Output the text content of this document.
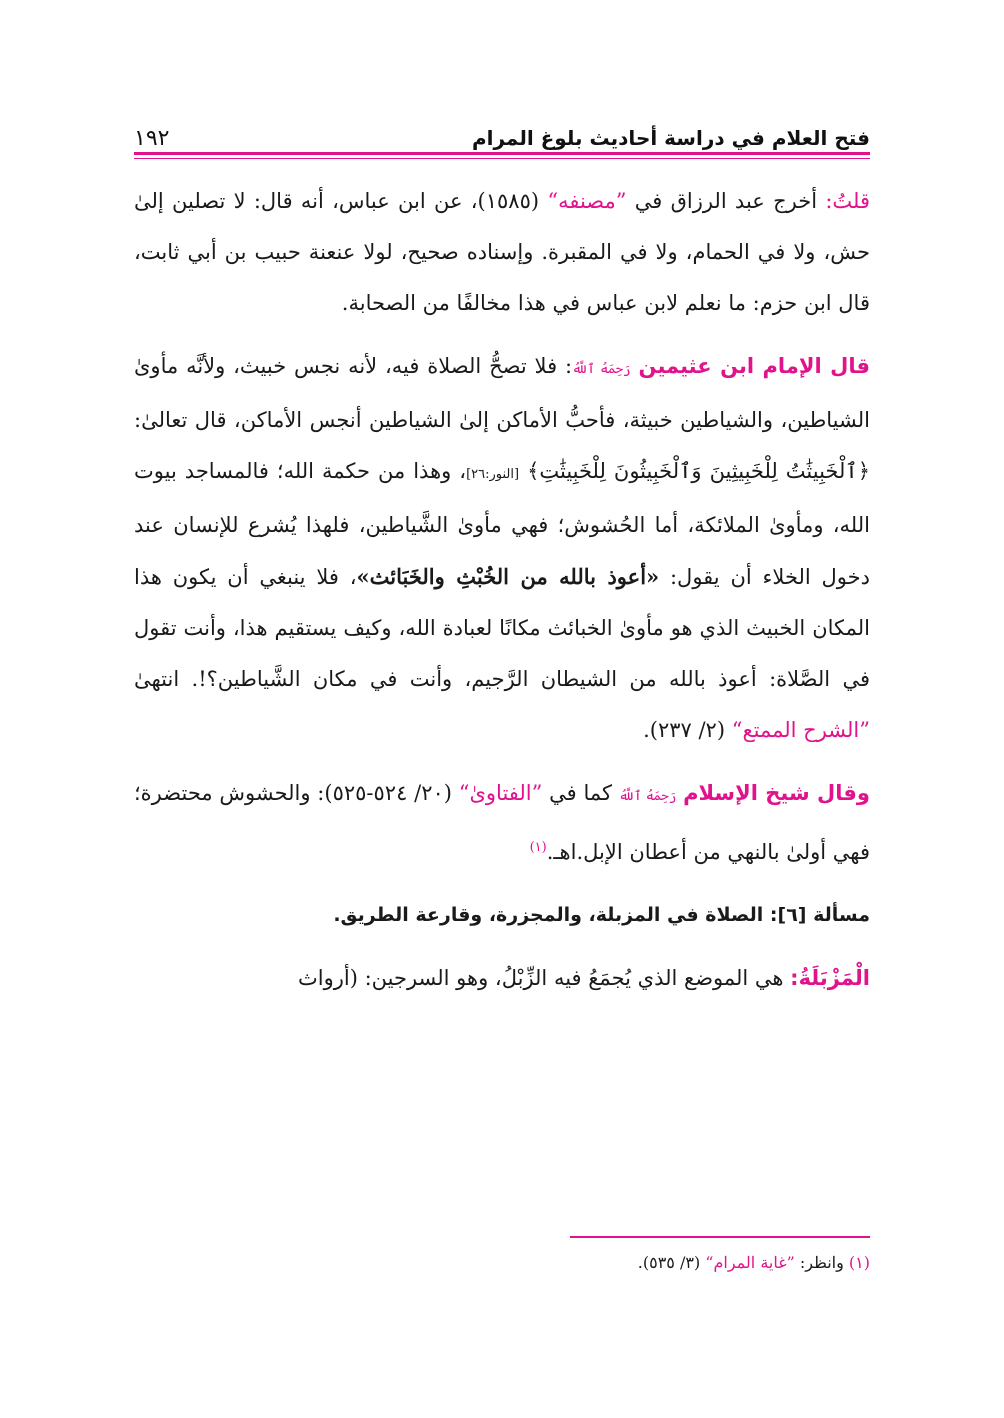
فتح العلام في دراسة أحاديث بلوغ المرام
١٩٢

قلتُ: أخرج عبد الرزاق في ”مصنفه“ (١٥٨٥)، عن ابن عباس، أنه قال: لا تصلين إلىٰ حش، ولا في الحمام، ولا في المقبرة. وإسناده صحيح، لولا عنعنة حبيب بن أبي ثابت، قال ابن حزم: ما نعلم لابن عباس في هذا مخالفًا من الصحابة.

قال الإمام ابن عثيمين رَحِمَهُ ٱللَّهُ: فلا تصحُّ الصلاة فيه، لأنه نجس خبيث، ولأنَّه مأوىٰ الشياطين، والشياطين خبيثة، فأحبُّ الأماكن إلىٰ الشياطين أنجس الأماكن، قال تعالىٰ: ﴿ٱلْخَبِيثَٰتُ لِلْخَبِيثِينَ وَٱلْخَبِيثُونَ لِلْخَبِيثَٰتِ﴾ [النور:٢٦]، وهذا من حكمة الله؛ فالمساجد بيوت الله، ومأوىٰ الملائكة، أما الحُشوش؛ فهي مأوىٰ الشَّياطين، فلهذا يُشرع للإنسان عند دخول الخلاء أن يقول: «أعوذ بالله من الخُبْثِ والخَبَائث»، فلا ينبغي أن يكون هذا المكان الخبيث الذي هو مأوىٰ الخبائث مكانًا لعبادة الله، وكيف يستقيم هذا، وأنت تقول في الصَّلاة: أعوذ بالله من الشيطان الرَّجيم، وأنت في مكان الشَّياطين؟!. انتهىٰ ”الشرح الممتع“ (٢/ ٢٣٧).

وقال شيخ الإسلام رَحِمَهُ ٱللَّهُ كما في ”الفتاوىٰ“ (٢٠/ ٥٢٤-٥٢٥): والحشوش محتضرة؛ فهي أولىٰ بالنهي من أعطان الإبل.اهـ.$^{(١)}$

مسألة [٦]: الصلاة في المزبلة، والمجزرة، وقارعة الطريق.

الْمَزْبَلَةُ: هي الموضع الذي يُجمَعُ فيه الزِّبْلُ، وهو السرجين: (أرواث

(١) وانظر: ”غاية المرام“ (٣/ ٥٣٥).
